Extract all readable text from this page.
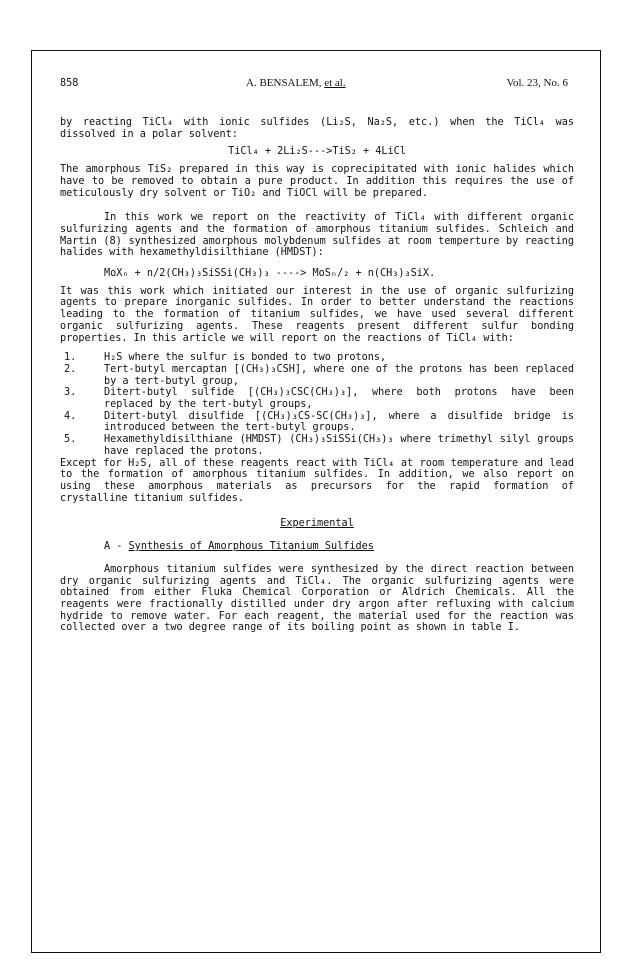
858	A. BENSALEM, et al.	Vol. 23, No. 6

by reacting TiCl₄ with ionic sulfides (Li₂S, Na₂S, etc.) when the TiCl₄ was dissolved in a polar solvent:

TiCl₄ + 2Li₂S--->TiS₂ + 4LiCl

The amorphous TiS₂ prepared in this way is coprecipitated with ionic halides which have to be removed to obtain a pure product. In addition this requires the use of meticulously dry solvent or TiO₂ and TiOCl will be prepared.

In this work we report on the reactivity of TiCl₄ with different organic sulfurizing agents and the formation of amorphous titanium sulfides. Schleich and Martin (8) synthesized amorphous molybdenum sulfides at room temperture by reacting halides with hexamethyldisilthiane (HMDST):

MoXₙ + n/2(CH₃)₃SiSSi(CH₃)₃ ----> MoSₙ/₂ + n(CH₃)₃SiX.

It was this work which initiated our interest in the use of organic sulfurizing agents to prepare inorganic sulfides. In order to better understand the reactions leading to the formation of titanium sulfides, we have used several different organic sulfurizing agents. These reagents present different sulfur bonding properties. In this article we will report on the reactions of TiCl₄ with:

1.	H₂S where the sulfur is bonded to two protons,
2.	Tert-butyl mercaptan [(CH₃)₃CSH], where one of the protons has been replaced by a tert-butyl group,
3.	Ditert-butyl sulfide [(CH₃)₃CSC(CH₃)₃], where both protons have been replaced by the tert-butyl groups,
4.	Ditert-butyl disulfide [(CH₃)₃CS-SC(CH₃)₃], where a disulfide bridge is introduced between the tert-butyl groups.
5.	Hexamethyldisilthiane (HMDST) (CH₃)₃SiSSi(CH₃)₃ where trimethyl silyl groups have replaced the protons.

Except for H₂S, all of these reagents react with TiCl₄ at room temperature and lead to the formation of amorphous titanium sulfides. In addition, we also report on using these amorphous materials as precursors for the rapid formation of crystalline titanium sulfides.

Experimental
A - Synthesis of Amorphous Titanium Sulfides

Amorphous titanium sulfides were synthesized by the direct reaction between dry organic sulfurizing agents and TiCl₄. The organic sulfurizing agents were obtained from either Fluka Chemical Corporation or Aldrich Chemicals. All the reagents were fractionally distilled under dry argon after refluxing with calcium hydride to remove water. For each reagent, the material used for the reaction was collected over a two degree range of its boiling point as shown in table I.
